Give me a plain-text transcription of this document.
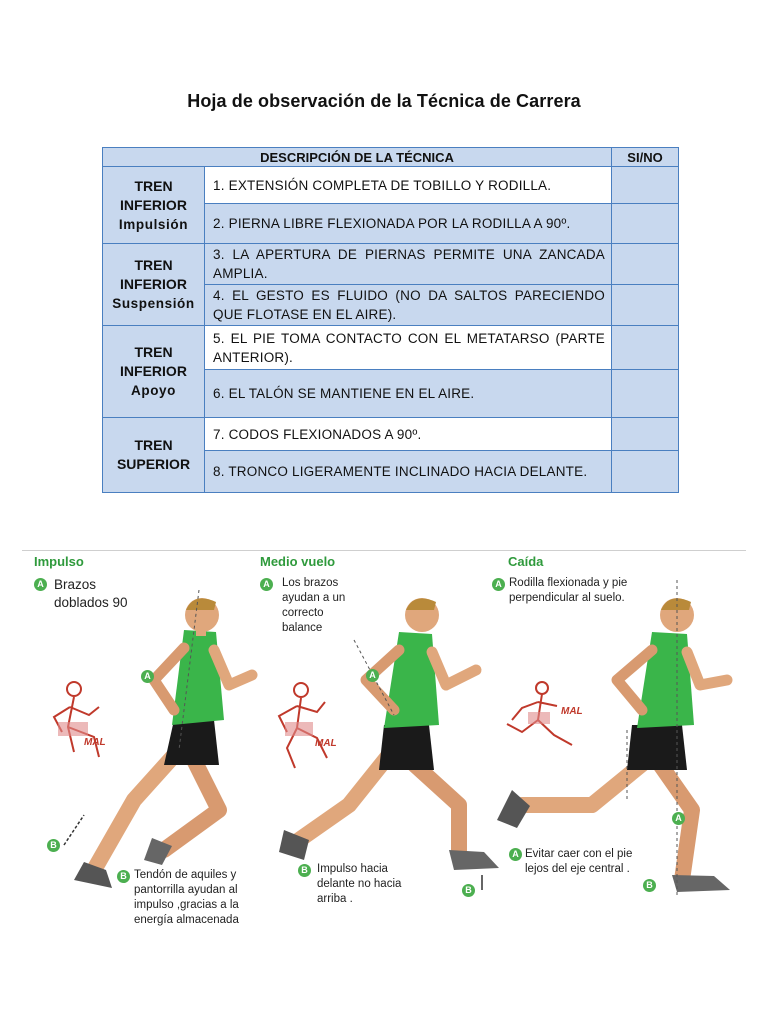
Hoja de observación de la Técnica de Carrera
DESCRIPCIÓN DE LA TÉCNICA		SI/NO

TREN
INFERIOR
Impulsión	1. EXTENSIÓN COMPLETA DE TOBILLO Y RODILLA.	
	2. PIERNA LIBRE FLEXIONADA POR LA RODILLA A 90º.	

TREN
INFERIOR
Suspensión	3. LA APERTURA DE PIERNAS PERMITE UNA ZANCADA AMPLIA.	
	4. EL GESTO ES FLUIDO (NO DA SALTOS PARECIENDO QUE FLOTASE EN EL AIRE).	

TREN
INFERIOR
Apoyo	5. EL PIE TOMA CONTACTO CON EL METATARSO (PARTE ANTERIOR).	
	6. EL TALÓN SE MANTIENE EN EL AIRE.	

TREN
SUPERIOR	7. CODOS FLEXIONADOS A 90º.	
	8. TRONCO LIGERAMENTE INCLINADO HACIA DELANTE.	
Impulso
A Brazos doblados 90
MAL
A
B
B Tendón de aquiles y pantorrilla ayudan al impulso ,gracias a la energía almacenada
Medio vuelo
A Los brazos ayudan a un correcto balance
MAL
A
B
B Impulso hacia delante no hacia arriba .
Caída
A Rodilla flexionada y pie perpendicular al suelo.
MAL
A
B
A Evitar caer con el pie lejos del eje central .
